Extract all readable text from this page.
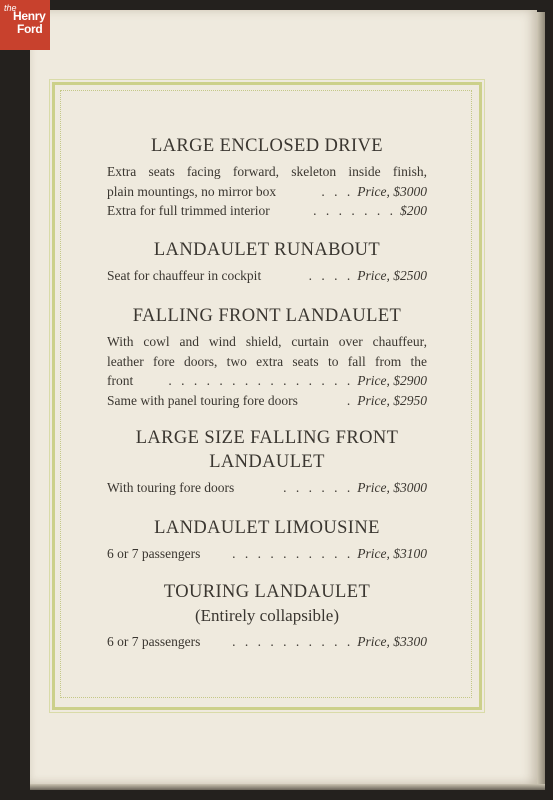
the
Henry
Ford
LARGE ENCLOSED DRIVE
Extra seats facing forward, skeleton inside finish,
plain mountings, no mirror box	. . . Price, $3000
Extra for full trimmed interior	. . . . . . . $200
LANDAULET RUNABOUT
Seat for chauffeur in cockpit	. . . . Price, $2500
FALLING FRONT LANDAULET
With cowl and wind shield, curtain over chauffeur,
leather fore doors, two extra seats to fall from the
front	. . . . . . . . . . . . . . . Price, $2900
Same with panel touring fore doors	. Price, $2950
LARGE SIZE FALLING FRONT
LANDAULET
With touring fore doors	. . . . . . Price, $3000
LANDAULET LIMOUSINE
6 or 7 passengers	. . . . . . . . . . Price, $3100
TOURING LANDAULET
(Entirely collapsible)
6 or 7 passengers	. . . . . . . . . . Price, $3300
